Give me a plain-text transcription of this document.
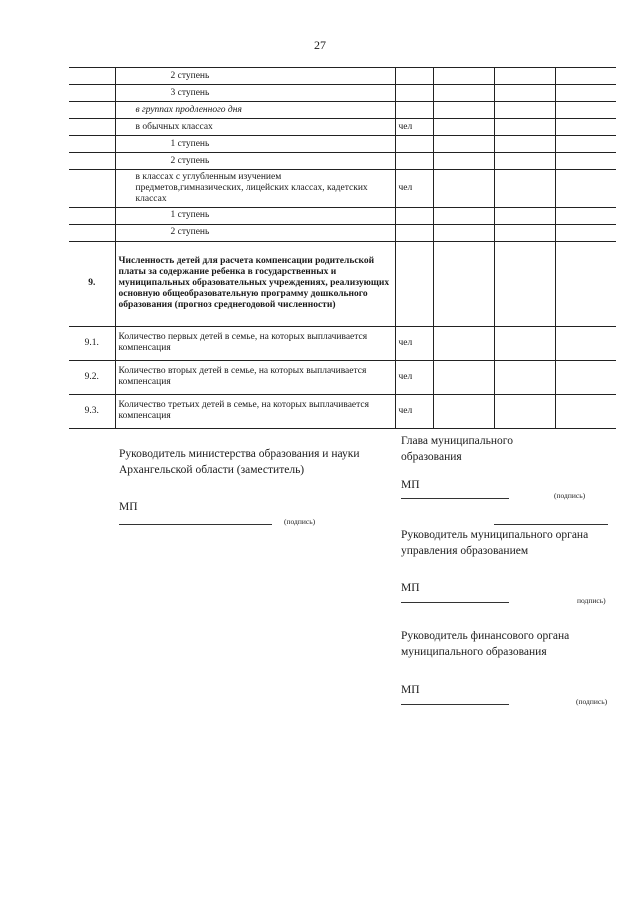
27
	2 ступень				
	3 ступень				
	в группах продленного дня				
	в обычных классах	чел			
	1 ступень				
	2 ступень				
	в классах с углубленным изучением предметов,гимназических, лицейских классах, кадетских классах	чел			
	1 ступень				
	2 ступень				
9.	Численность детей для расчета компенсации родительской платы за содержание ребенка в государственных и муниципальных образовательных учреждениях, реализующих основную общеобразовательную программу дошкольного образования (прогноз среднегодовой численности)				
9.1.	Количество первых детей в семье, на которых выплачивается компенсация	чел			
9.2.	Количество вторых детей в семье, на которых выплачивается компенсация	чел			
9.3.	Количество третьих детей в семье, на которых выплачивается компенсация	чел			
Руководитель министерства образования и науки Архангельской области (заместитель)
МП
(подпись)
Глава муниципального образования
МП
(подпись)
Руководитель муниципального органа управления образованием
МП
подпись)
Руководитель финансового органа муниципального образования
МП
(подпись)
